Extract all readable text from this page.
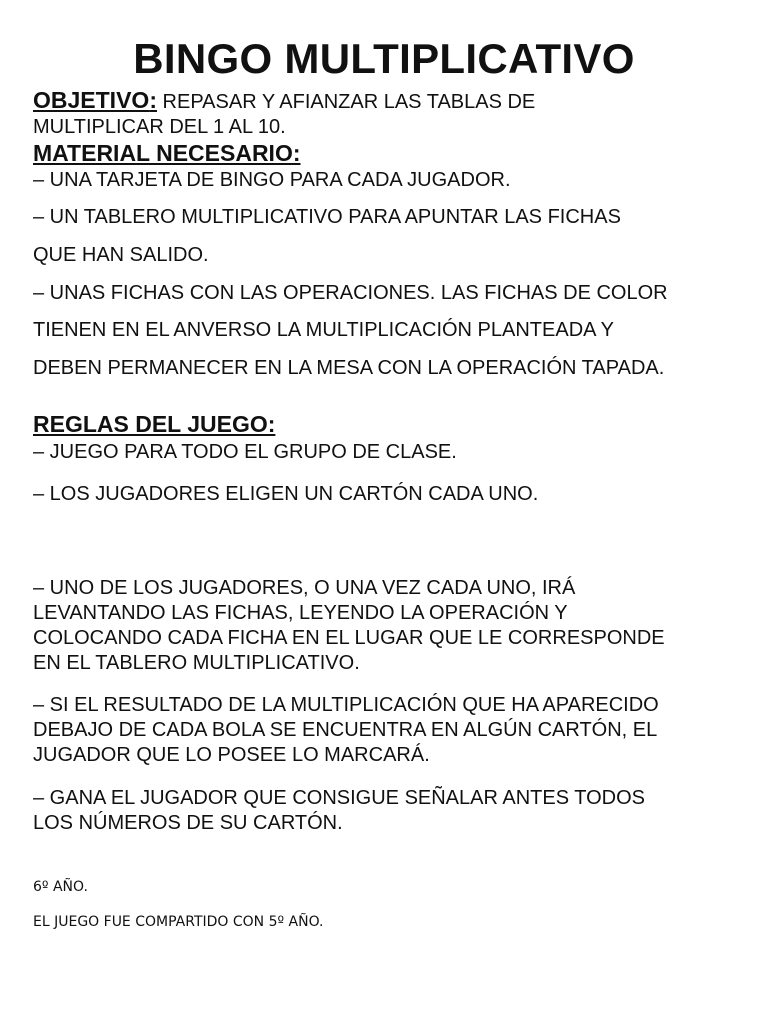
BINGO MULTIPLICATIVO

OBJETIVO: REPASAR Y AFIANZAR LAS TABLAS DE
MULTIPLICAR DEL 1 AL 10.

MATERIAL NECESARIO:

– UNA TARJETA DE BINGO PARA CADA JUGADOR.

– UN TABLERO MULTIPLICATIVO PARA APUNTAR LAS FICHAS

QUE HAN SALIDO.

– UNAS FICHAS CON LAS OPERACIONES. LAS FICHAS DE COLOR

TIENEN EN EL ANVERSO LA MULTIPLICACIÓN PLANTEADA Y

DEBEN PERMANECER EN LA MESA CON LA OPERACIÓN TAPADA.

REGLAS DEL JUEGO:

– JUEGO PARA TODO EL GRUPO DE CLASE.

– LOS JUGADORES ELIGEN UN CARTÓN CADA UNO.

– UNO DE LOS JUGADORES, O UNA VEZ CADA UNO, IRÁ
LEVANTANDO LAS FICHAS, LEYENDO LA OPERACIÓN Y
COLOCANDO CADA FICHA EN EL LUGAR QUE LE CORRESPONDE
EN EL TABLERO MULTIPLICATIVO.

– SI EL RESULTADO DE LA MULTIPLICACIÓN QUE HA APARECIDO
DEBAJO DE CADA BOLA SE ENCUENTRA EN ALGÚN CARTÓN, EL
JUGADOR QUE LO POSEE LO MARCARÁ.

– GANA EL JUGADOR QUE CONSIGUE SEÑALAR ANTES TODOS
LOS NÚMEROS DE SU CARTÓN.

6º AÑO.

EL JUEGO FUE COMPARTIDO CON 5º AÑO.
